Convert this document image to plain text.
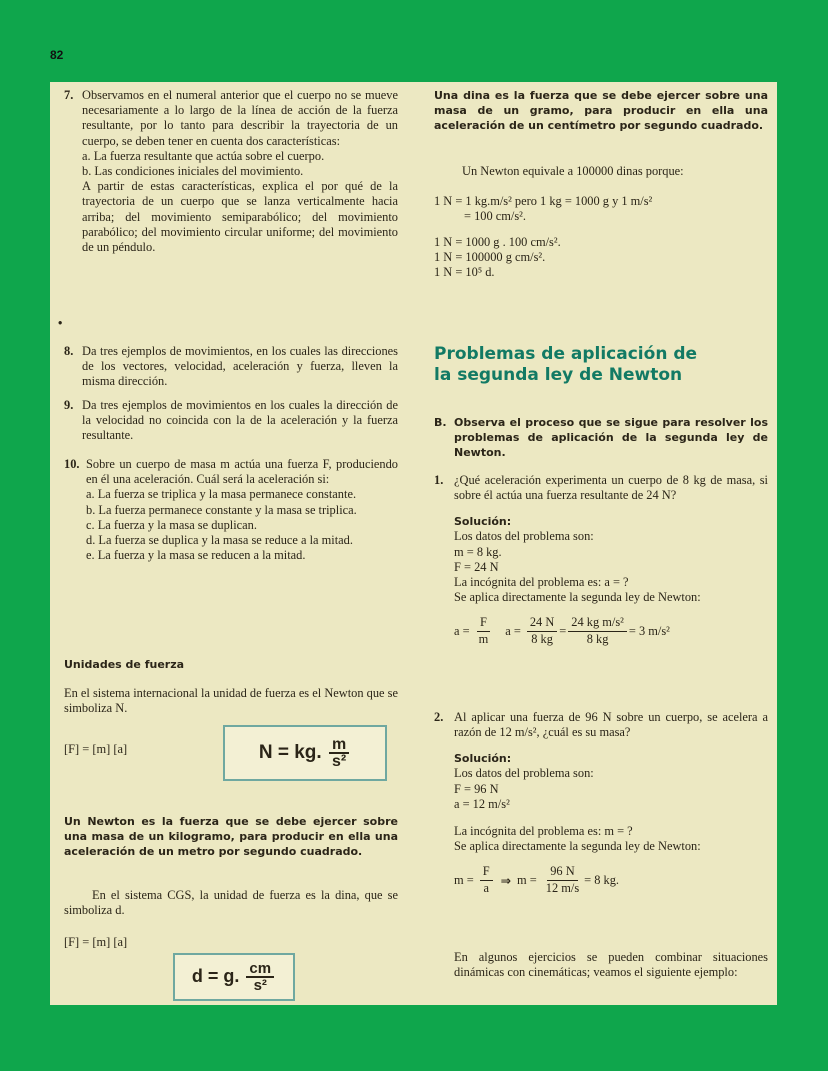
82
7. Observamos en el numeral anterior que el cuerpo no se mueve necesariamente a lo largo de la línea de acción de la fuerza resultante, por lo tanto para describir la trayectoria de un cuerpo, se deben tener en cuenta dos características:

a. La fuerza resultante que actúa sobre el cuerpo.

b. Las condiciones iniciales del movimiento.

A partir de estas características, explica el por qué de la trayectoria de un cuerpo que se lanza verticalmente hacia arriba; del movimiento semiparabólico; del movimiento parabólico; del movimiento circular uniforme; del movimiento de un péndulo.

•
8. Da tres ejemplos de movimientos, en los cuales las direcciones de los vectores, velocidad, aceleración y fuerza, lleven la misma dirección.

9. Da tres ejemplos de movimientos en los cuales la dirección de la velocidad no coincida con la de la aceleración y la fuerza resultante.

10. Sobre un cuerpo de masa m actúa una fuerza F, produciendo en él una aceleración. Cuál será la aceleración si:

a. La fuerza se triplica y la masa permanece constante.

b. La fuerza permanece constante y la masa se triplica.

c. La fuerza y la masa se duplican.

d. La fuerza se duplica y la masa se reduce a la mitad.

e. La fuerza y la masa se reducen a la mitad.

Unidades de fuerza
En el sistema internacional la unidad de fuerza es el Newton que se simboliza N.
[F] = [m] [a]	N = kg. $\frac{m}{\text{s²}}$
Un Newton es la fuerza que se debe ejercer sobre una masa de un kilogramo, para producir en ella una aceleración de un metro por segundo cuadrado.
En el sistema CGS, la unidad de fuerza es la dina, que se simboliza d.
[F] = [m] [a]
d = g. $\frac{cm}{\text{s²}}$
Una dina es la fuerza que se debe ejercer sobre una masa de un gramo, para producir en ella una aceleración de un centímetro por segundo cuadrado.
Un Newton equivale a 100000 dinas porque:
1 N = 1 kg.m/s² pero 1 kg = 1000 g y 1 m/s²
= 100 cm/s².
1 N = 1000 g . 100 cm/s².
1 N = 100000 g cm/s².
1 N = 10⁵ d.
Problemas de aplicación de la segunda ley de Newton
B. Observa el proceso que se sigue para resolver los problemas de aplicación de la segunda ley de Newton.

1. ¿Qué aceleración experimenta un cuerpo de 8 kg de masa, si sobre él actúa una fuerza resultante de 24 N?

Solución:

Los datos del problema son:

m = 8 kg.

F = 24 N

La incógnita del problema es: a = ?

Se aplica directamente la segunda ley de Newton:

$a = \frac{F}{m}$ $a = \frac{24 N}{8 kg} = \frac{\text{24 kg m/s²}}{8 kg} = 3$ m/s²
2. Al aplicar una fuerza de 96 N sobre un cuerpo, se acelera a razón de 12 m/s², ¿cuál es su masa?

Solución:

Los datos del problema son:

F = 96 N

a = 12 m/s²

La incógnita del problema es: m = ?

Se aplica directamente la segunda ley de Newton:

$m = \frac{F}{a}$ ⇒ $m = \frac{96 N}{12 m/s} = 8$ kg.
En algunos ejercicios se pueden combinar situaciones dinámicas con cinemáticas; veamos el siguiente ejemplo:
